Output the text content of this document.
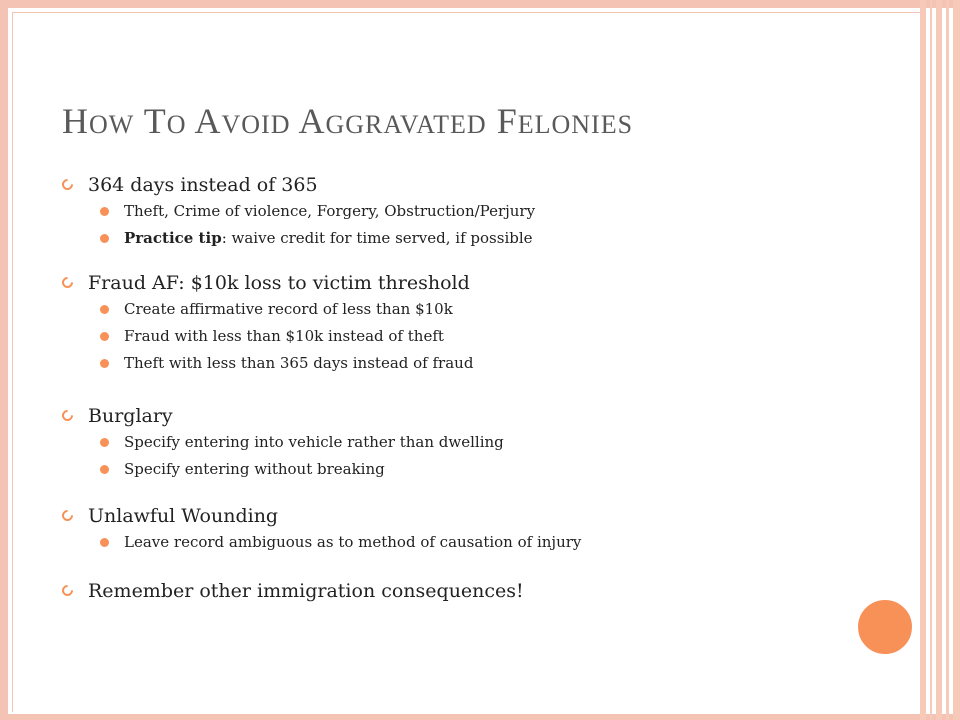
HOW TO AVOID AGGRAVATED FELONIES
364 days instead of 365
Theft, Crime of violence, Forgery, Obstruction/Perjury
Practice tip: waive credit for time served, if possible
Fraud AF: $10k loss to victim threshold
Create affirmative record of less than $10k
Fraud with less than $10k instead of theft
Theft with less than 365 days instead of fraud
Burglary
Specify entering into vehicle rather than dwelling
Specify entering without breaking
Unlawful Wounding
Leave record ambiguous as to method of causation of injury
Remember other immigration consequences!
